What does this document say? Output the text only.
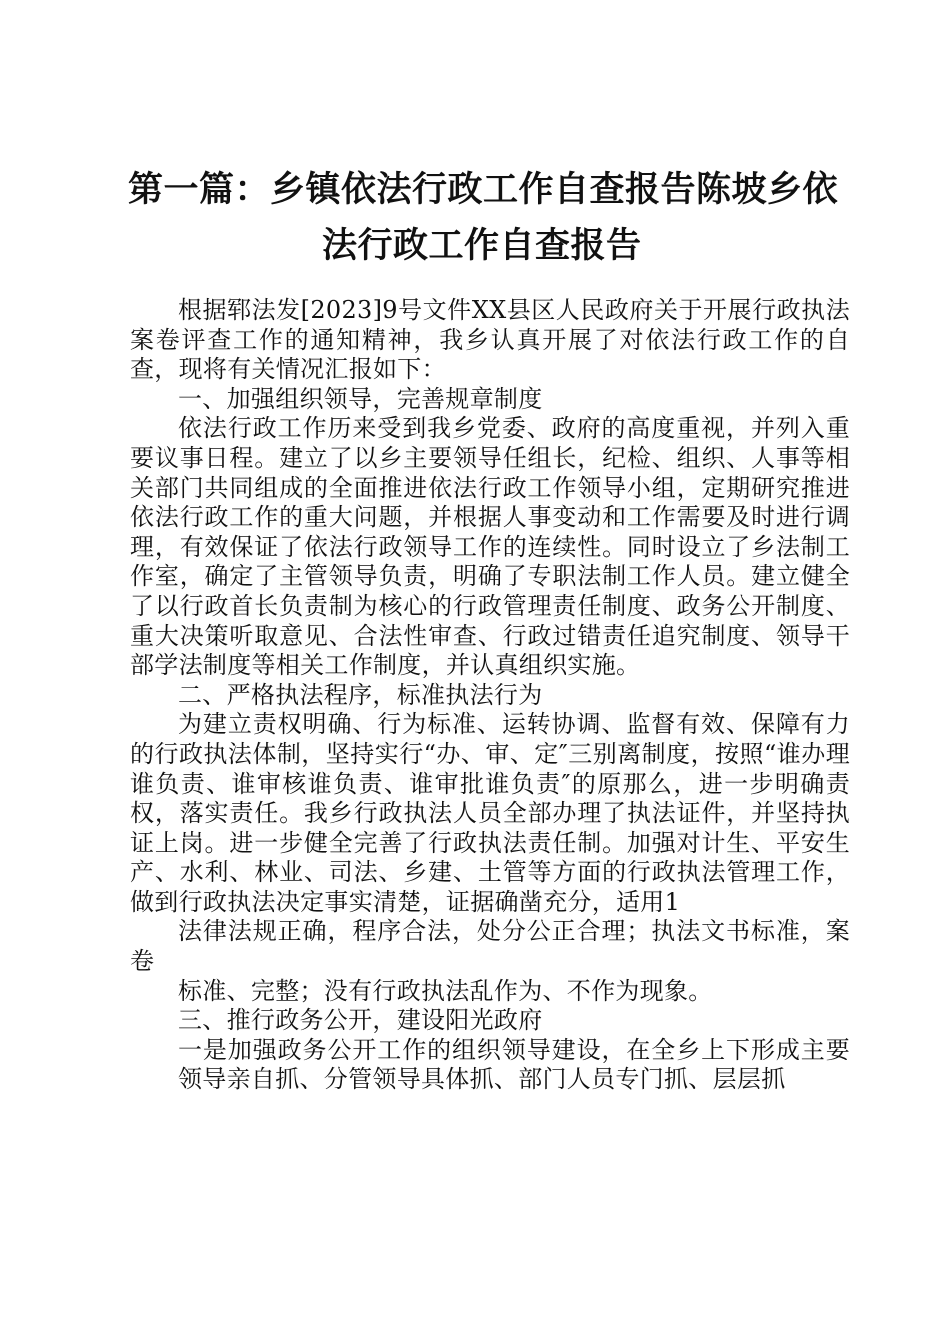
第一篇：乡镇依法行政工作自查报告陈坡乡依
法行政工作自查报告

根据郓法发[2023]9号文件XX县区人民政府关于开展行政执法案卷评查工作的通知精神，我乡认真开展了对依法行政工作的自查，现将有关情况汇报如下：

一、加强组织领导，完善规章制度

依法行政工作历来受到我乡党委、政府的高度重视，并列入重要议事日程。建立了以乡主要领导任组长，纪检、组织、人事等相关部门共同组成的全面推进依法行政工作领导小组，定期研究推进依法行政工作的重大问题，并根据人事变动和工作需要及时进行调理，有效保证了依法行政领导工作的连续性。同时设立了乡法制工作室，确定了主管领导负责，明确了专职法制工作人员。建立健全了以行政首长负责制为核心的行政管理责任制度、政务公开制度、重大决策听取意见、合法性审查、行政过错责任追究制度、领导干部学法制度等相关工作制度，并认真组织实施。

二、严格执法程序，标准执法行为

为建立责权明确、行为标准、运转协调、监督有效、保障有力的行政执法体制，坚持实行“办、审、定″三别离制度，按照“谁办理谁负责、谁审核谁负责、谁审批谁负责″的原那么，进一步明确责权，落实责任。我乡行政执法人员全部办理了执法证件，并坚持执证上岗。进一步健全完善了行政执法责任制。加强对计生、平安生产、水利、林业、司法、乡建、土管等方面的行政执法管理工作，做到行政执法决定事实清楚，证据确凿充分，适用1

法律法规正确，程序合法，处分公正合理；执法文书标准，案卷

标准、完整；没有行政执法乱作为、不作为现象。

三、推行政务公开，建设阳光政府

一是加强政务公开工作的组织领导建设，在全乡上下形成主要领导亲自抓、分管领导具体抓、部门人员专门抓、层层抓
